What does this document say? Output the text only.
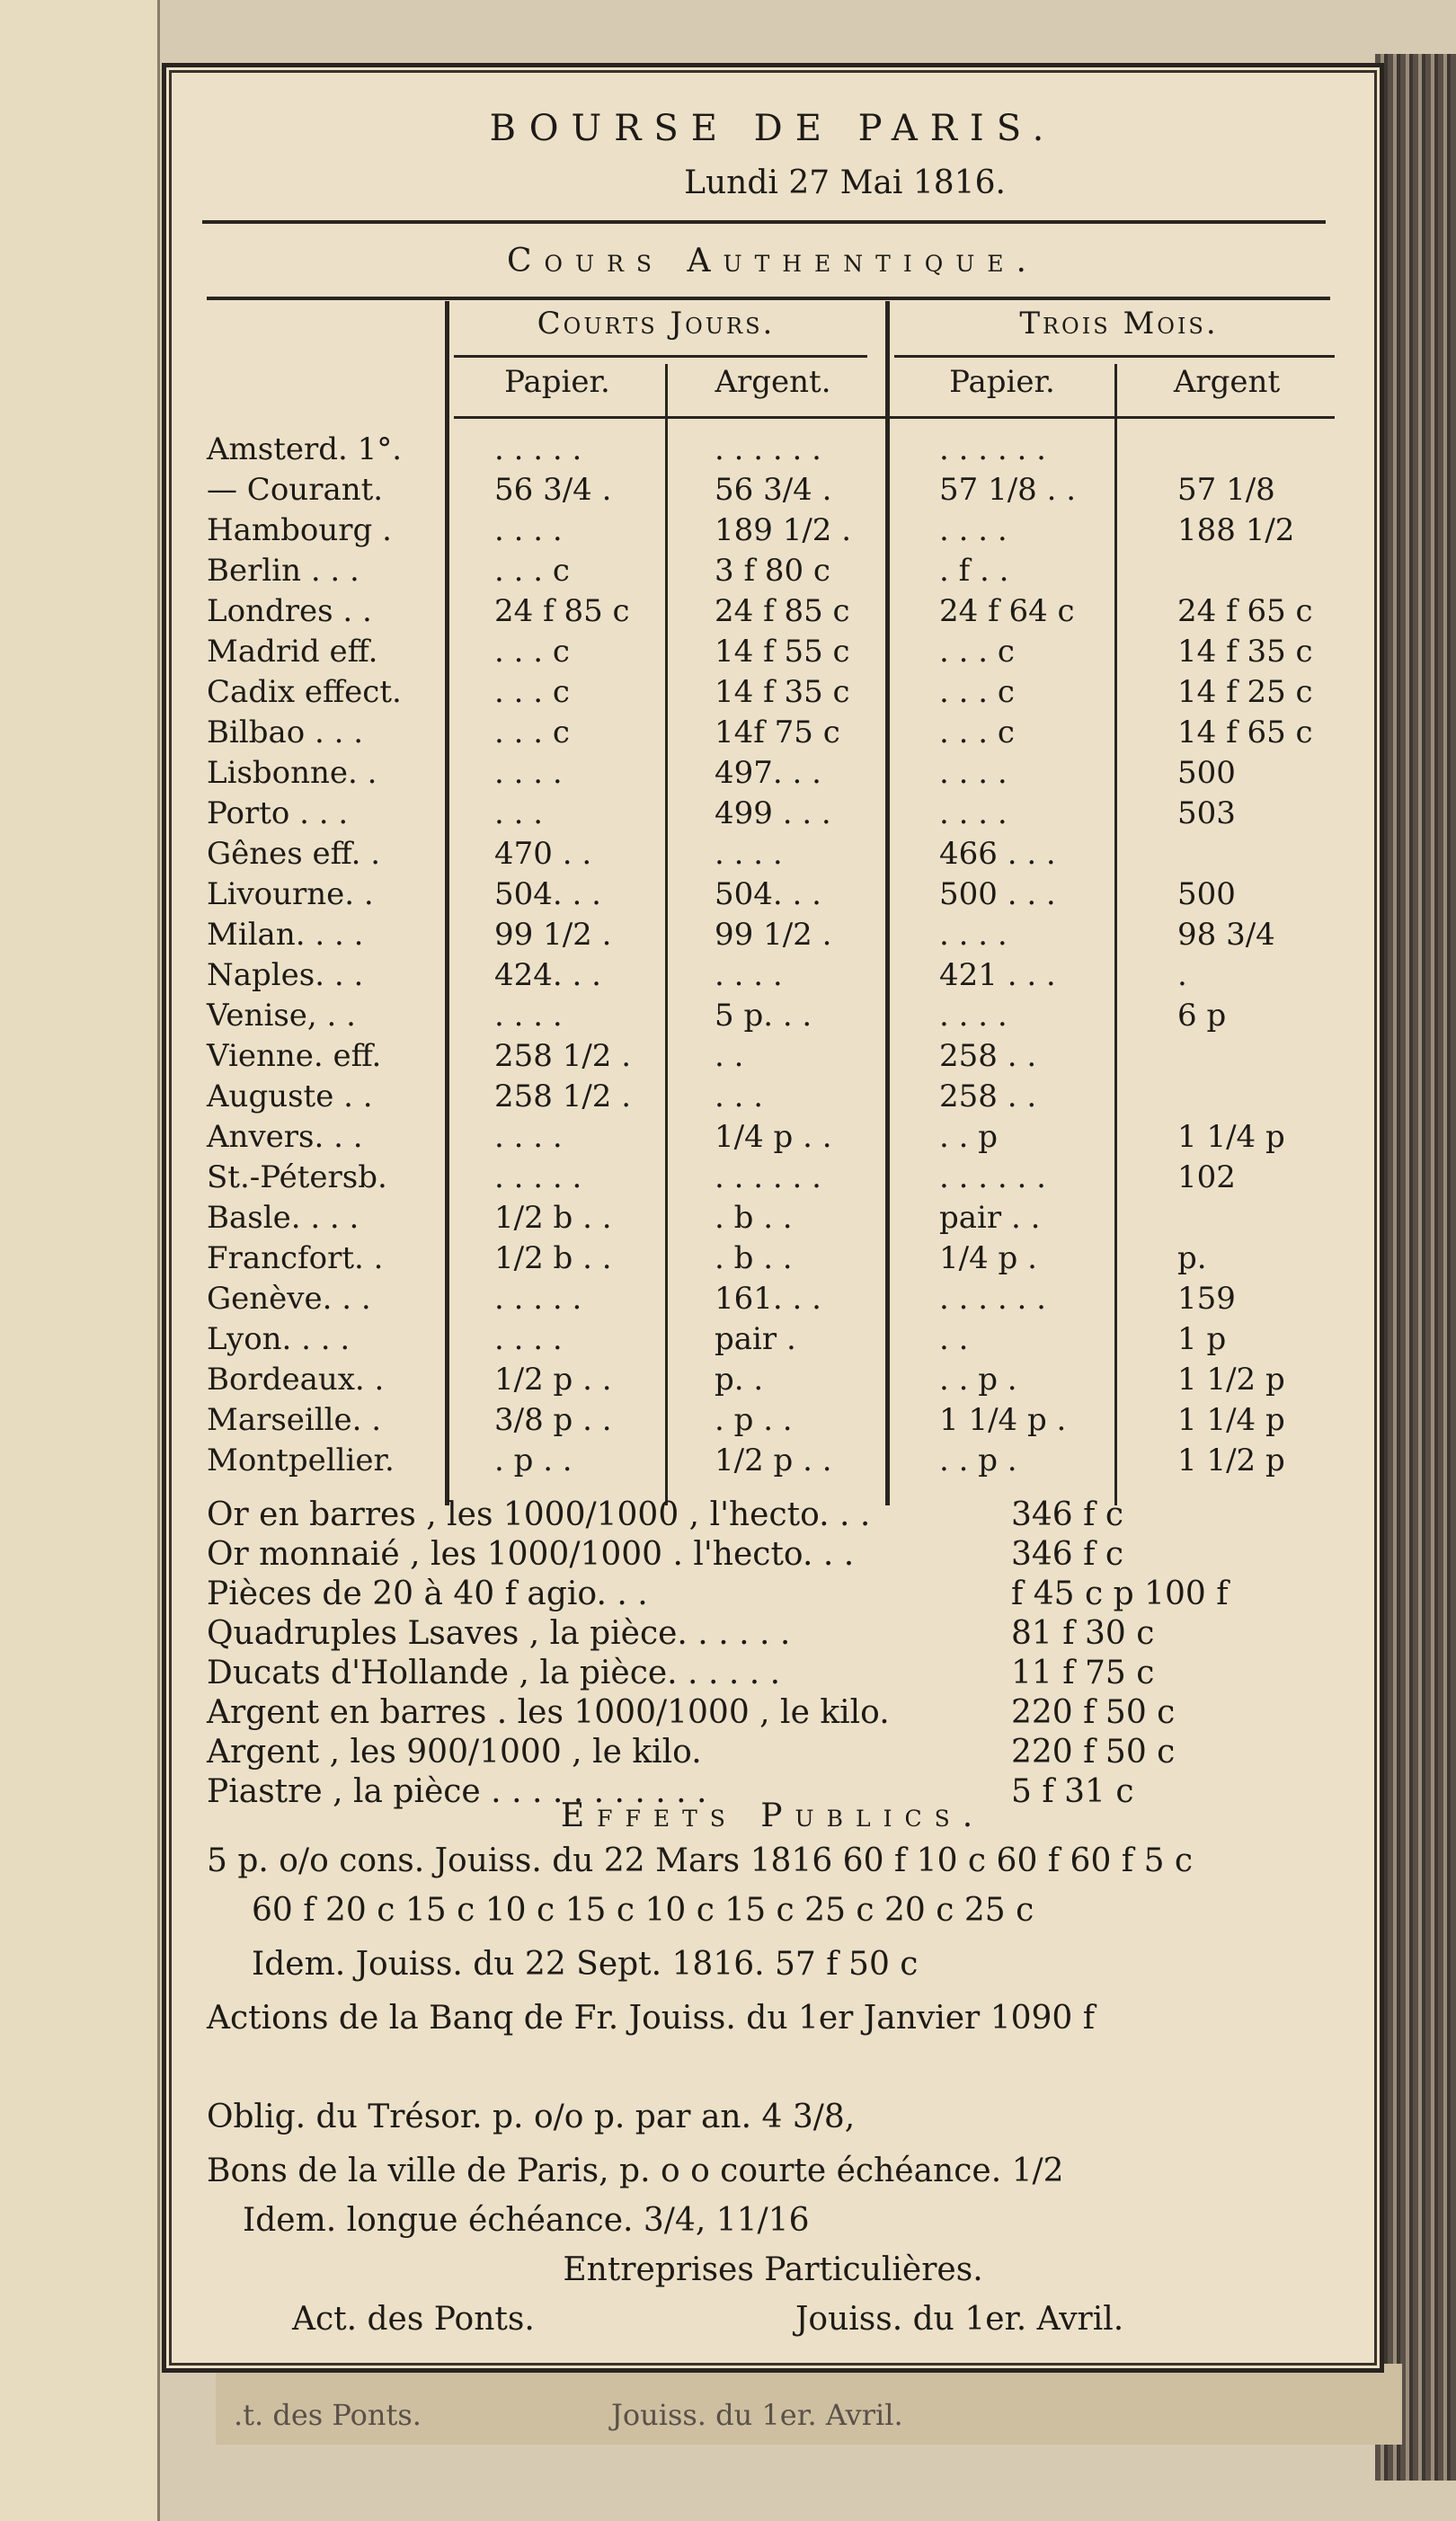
.t. des Ponts.	Jouiss. du 1er. Avril.
BOURSE DE PARIS.
Lundi 27 Mai 1816.
Cours Authentique.
Courts Jours.	Trois Mois.
Papier.	Argent.	Papier.	Argent
Amsterd. 1°.	. . . . .	. . . . . .	. . . . . .
— Courant.	56 3/4 .	56 3/4 .	57 1/8 . .	57 1/8
Hambourg .	. . . .	189 1/2 .	. . . .	188 1/2
Berlin . . .	. . . c	3 f 80 c	. f . .
Londres . .	24 f 85 c	24 f 85 c	24 f 64 c	24 f 65 c
Madrid eff.	. . . c	14 f 55 c	. . . c	14 f 35 c
Cadix effect.	. . . c	14 f 35 c	. . . c	14 f 25 c
Bilbao . . .	. . . c	14f 75 c	. . . c	14 f 65 c
Lisbonne. .	. . . .	497. . .	. . . .	500
Porto . . .	. . .	499 . . .	. . . .	503
Gênes eff. .	470 . .	. . . .	466 . . .
Livourne. .	504. . .	504. . .	500 . . .	500
Milan. . . .	99 1/2 .	99 1/2 .	. . . .	98 3/4
Naples. . .	424. . .	. . . .	421 . . .	.
Venise, . .	. . . .	5 p. . .	. . . .	6 p
Vienne. eff.	258 1/2 .	. .	258 . .
Auguste . .	258 1/2 .	. . .	258 . .
Anvers. . .	. . . .	1/4 p . .	. . p	1 1/4 p
St.-Pétersb.	. . . . .	. . . . . .	. . . . . .	102
Basle. . . .	1/2 b . .	. b . .	pair . .
Francfort. .	1/2 b . .	. b . .	1/4 p .	p.
Genève. . .	. . . . .	161. . .	. . . . . .	159
Lyon. . . .	. . . .	pair .	. .	1 p
Bordeaux. .	1/2 p . .	p. .	. . p .	1 1/2 p
Marseille. .	3/8 p . .	. p . .	1 1/4 p .	1 1/4 p
Montpellier.	. p . .	1/2 p . .	. . p .	1 1/2 p
Or en barres , les 1000/1000 , l'hecto. . .	346 f c
Or monnaié , les 1000/1000 . l'hecto. . .	346 f c
Pièces de 20 à 40 f agio. . .	f 45 c p 100 f
Quadruples Lsaves , la pièce. . . . . .	81 f 30 c
Ducats d'Hollande , la pièce. . . . . .	11 f 75 c
Argent en barres . les 1000/1000 , le kilo.	220 f 50 c
Argent , les 900/1000 , le kilo.	220 f 50 c
Piastre , la pièce . . . . . . . . . . .	5 f 31 c
Effets Publics.
5 p. o/o cons. Jouiss. du 22 Mars 1816 60 f 10 c 60 f 60 f 5 c
60 f 20 c 15 c 10 c 15 c 10 c 15 c 25 c 20 c 25 c
Idem. Jouiss. du 22 Sept. 1816. 57 f 50 c
Actions de la Banq de Fr. Jouiss. du 1er Janvier 1090 f
Oblig. du Trésor. p. o/o p. par an. 4 3/8,
Bons de la ville de Paris, p. o o courte échéance. 1/2
Idem. longue échéance. 3/4, 11/16
Entreprises Particulières.
Act. des Ponts.	Jouiss. du 1er. Avril.
